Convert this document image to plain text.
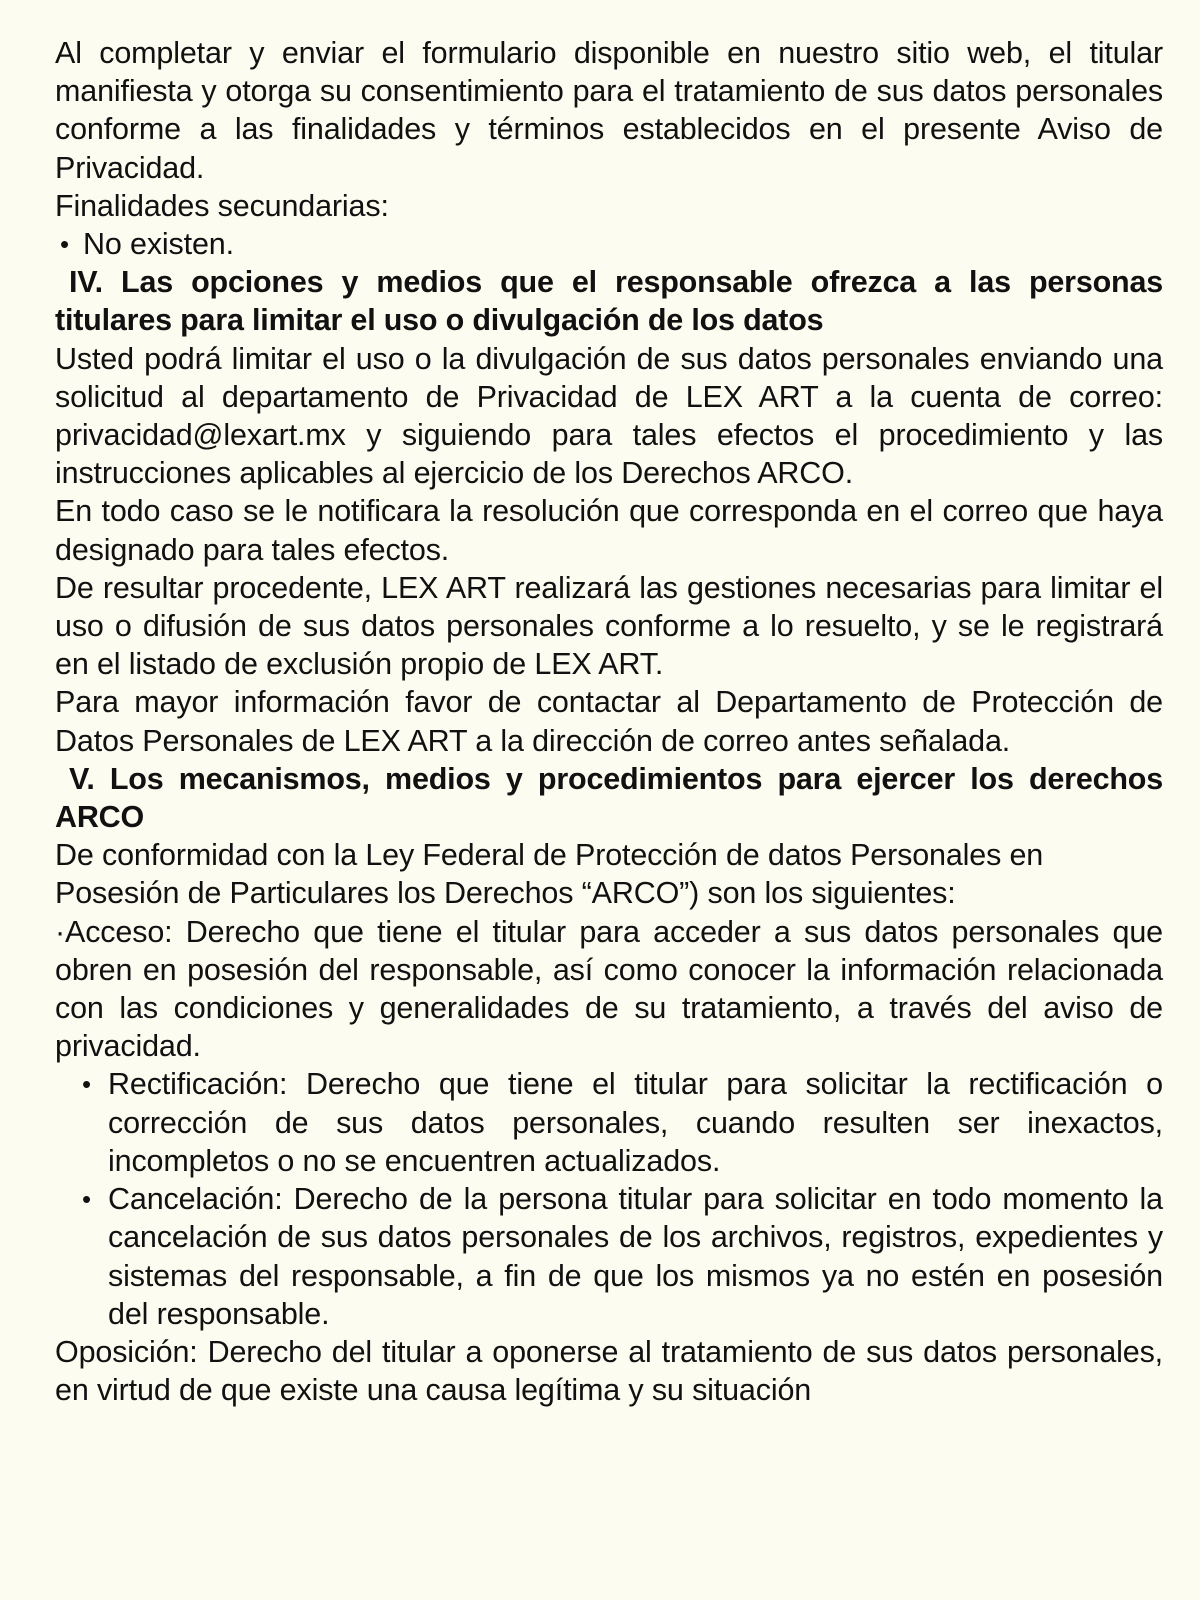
Al completar y enviar el formulario disponible en nuestro sitio web, el titular manifiesta y otorga su consentimiento para el tratamiento de sus datos personales conforme a las finalidades y términos establecidos en el presente Aviso de Privacidad.

Finalidades secundarias:

• No existen.
IV. Las opciones y medios que el responsable ofrezca a las personas titulares para limitar el uso o divulgación de los datos

Usted podrá limitar el uso o la divulgación de sus datos personales enviando una solicitud al departamento de Privacidad de LEX ART a la cuenta de correo: privacidad@lexart.mx y siguiendo para tales efectos el procedimiento y las instrucciones aplicables al ejercicio de los Derechos ARCO.

En todo caso se le notificara la resolución que corresponda en el correo que haya designado para tales efectos.

De resultar procedente, LEX ART realizará las gestiones necesarias para limitar el uso o difusión de sus datos personales conforme a lo resuelto, y se le registrará en el listado de exclusión propio de LEX ART.

Para mayor información favor de contactar al Departamento de Protección de Datos Personales de LEX ART a la dirección de correo antes señalada.

V. Los mecanismos, medios y procedimientos para ejercer los derechos ARCO

De conformidad con la Ley Federal de Protección de datos Personales en Posesión de Particulares los Derechos “ARCO”) son los siguientes:

·Acceso: Derecho que tiene el titular para acceder a sus datos personales que obren en posesión del responsable, así como conocer la información relacionada con las condiciones y generalidades de su tratamiento, a través del aviso de privacidad.

• Rectificación: Derecho que tiene el titular para solicitar la rectificación o corrección de sus datos personales, cuando resulten ser inexactos, incompletos o no se encuentren actualizados.
• Cancelación: Derecho de la persona titular para solicitar en todo momento la cancelación de sus datos personales de los archivos, registros, expedientes y sistemas del responsable, a fin de que los mismos ya no estén en posesión del responsable.

Oposición: Derecho del titular a oponerse al tratamiento de sus datos personales, en virtud de que existe una causa legítima y su situación
